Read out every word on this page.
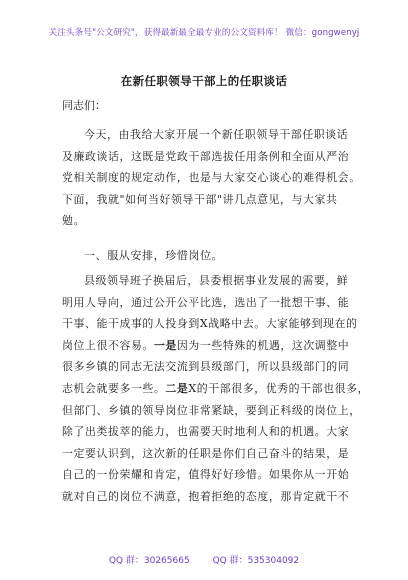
关注头条号"公文研究"，获得最新最全最专业的公文资料库！ 微信：gongwenyj
在新任职领导干部上的任职谈话
同志们：
今天，由我给大家开展一个新任职领导干部任职谈话
及廉政谈话，这既是党政干部选拔任用条例和全面从严治
党相关制度的规定动作，也是与大家交心谈心的难得机会。
下面，我就"如何当好领导干部"讲几点意见，与大家共
勉。
一、服从安排，珍惜岗位。
县级领导班子换届后，县委根据事业发展的需要，鲜
明用人导向，通过公开公平比选，选出了一批想干事、能
干事、能干成事的人投身到X战略中去。大家能够到现在的
岗位上很不容易。一是因为一些特殊的机遇，这次调整中
很多乡镇的同志无法交流到县级部门，所以县级部门的同
志机会就要多一些。二是X的干部很多，优秀的干部也很多，
但部门、乡镇的领导岗位非常紧缺，要到正科级的岗位上，
除了出类拔萃的能力，也需要天时地利人和的机遇。大家
一定要认识到，这次新的任职是你们自己奋斗的结果，是
自己的一份荣耀和肯定，值得好好珍惜。如果你从一开始
就对自己的岗位不满意，抱着拒绝的态度，那肯定就干不
QQ 群：30265665	QQ 群：535304092
